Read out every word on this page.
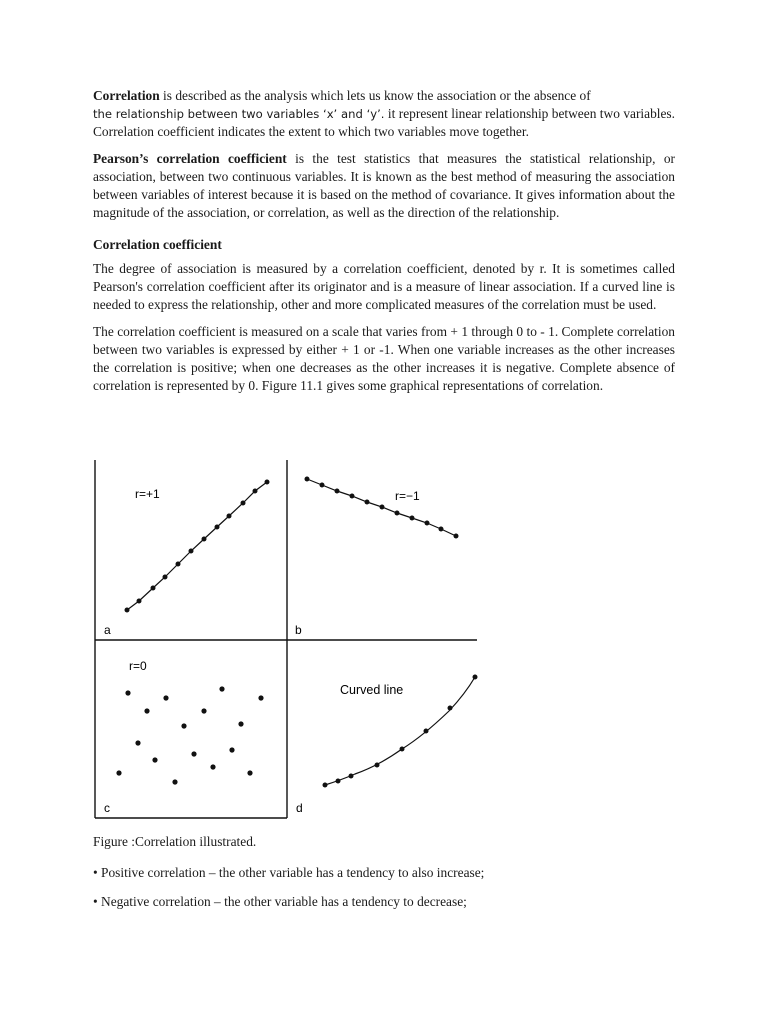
Correlation is described as the analysis which lets us know the association or the absence of
the relationship between two variables ‘x’ and ‘y’. it represent linear relationship between two variables. Correlation coefficient indicates the extent to which two variables move together.

Pearson’s correlation coefficient is the test statistics that measures the statistical relationship, or association, between two continuous variables. It is known as the best method of measuring the association between variables of interest because it is based on the method of covariance. It gives information about the magnitude of the association, or correlation, as well as the direction of the relationship.

Correlation coefficient

The degree of association is measured by a correlation coefficient, denoted by r. It is sometimes called Pearson's correlation coefficient after its originator and is a measure of linear association. If a curved line is needed to express the relationship, other and more complicated measures of the correlation must be used.

The correlation coefficient is measured on a scale that varies from + 1 through 0 to - 1. Complete correlation between two variables is expressed by either + 1 or -1. When one variable increases as the other increases the correlation is positive; when one decreases as the other increases it is negative. Complete absence of correlation is represented by 0. Figure 11.1 gives some graphical representations of correlation.

r=+1
a
r=−1
b
r=0
c
Curved line
d
Figure :Correlation illustrated.
• Positive correlation – the other variable has a tendency to also increase;
• Negative correlation – the other variable has a tendency to decrease;
